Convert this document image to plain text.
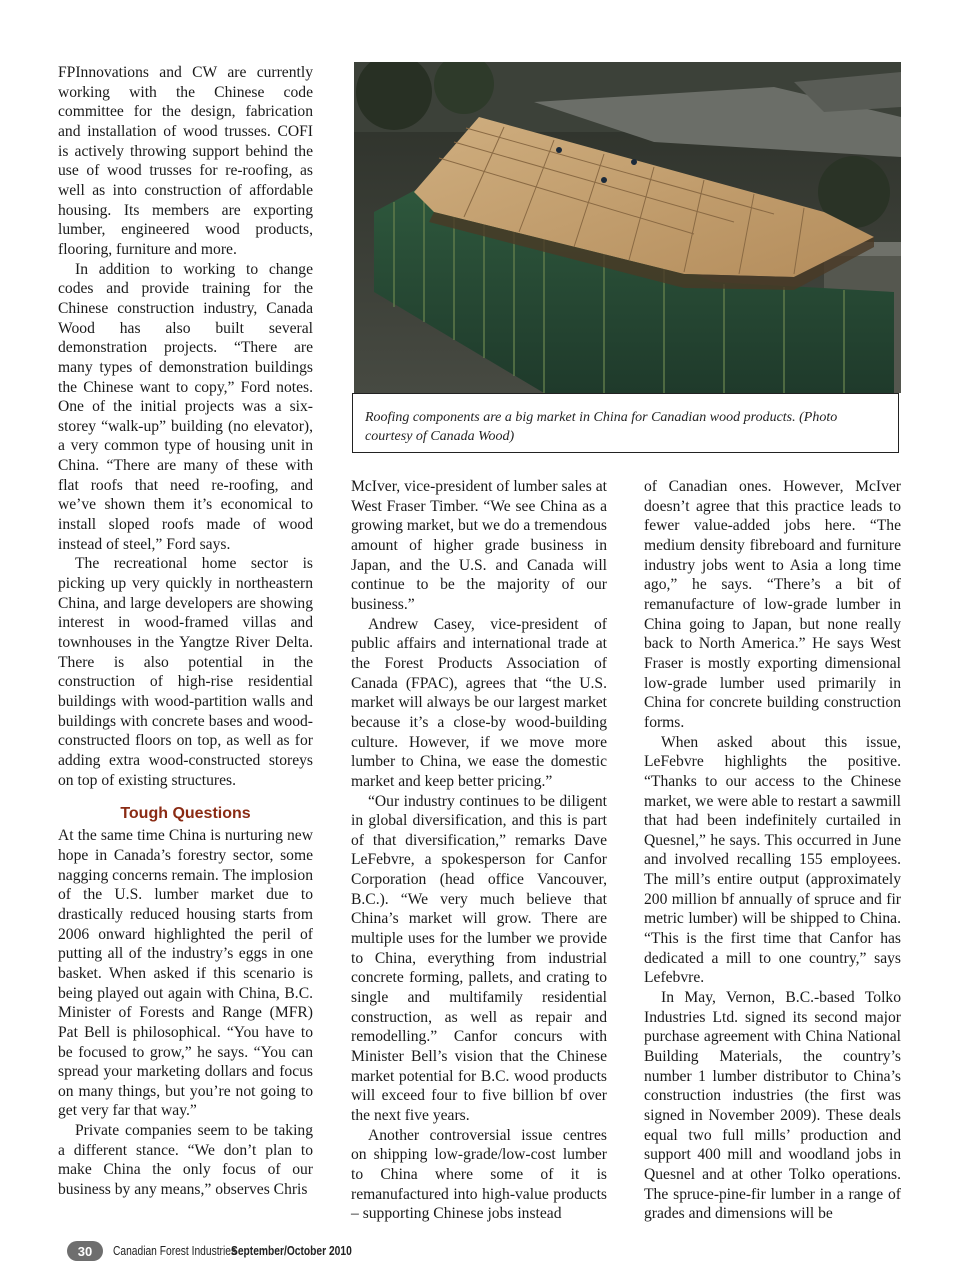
FPInnovations and CW are currently working with the Chinese code committee for the design, fabrication and installation of wood trusses. COFI is actively throwing support behind the use of wood trusses for re-roofing, as well as into construction of affordable housing. Its members are exporting lumber, engineered wood products, flooring, furniture and more.

In addition to working to change codes and provide training for the Chinese construction industry, Canada Wood has also built several demonstration projects. “There are many types of demonstration buildings the Chinese want to copy,” Ford notes. One of the initial projects was a six-storey “walk-up” building (no elevator), a very common type of housing unit in China. “There are many of these with flat roofs that need re-roofing, and we’ve shown them it’s economical to install sloped roofs made of wood instead of steel,” Ford says.

The recreational home sector is picking up very quickly in northeastern China, and large developers are showing interest in wood-framed villas and townhouses in the Yangtze River Delta. There is also potential in the construction of high-rise residential buildings with wood-partition walls and buildings with concrete bases and wood-constructed floors on top, as well as for adding extra wood-constructed storeys on top of existing structures.

Tough Questions

At the same time China is nurturing new hope in Canada’s forestry sector, some nagging concerns remain. The implosion of the U.S. lumber market due to drastically reduced housing starts from 2006 onward highlighted the peril of putting all of the industry’s eggs in one basket. When asked if this scenario is being played out again with China, B.C. Minister of Forests and Range (MFR) Pat Bell is philosophical. “You have to be focused to grow,” he says. “You can spread your marketing dollars and focus on many things, but you’re not going to get very far that way.”

Private companies seem to be taking a different stance. “We don’t plan to make China the only focus of our business by any means,” observes Chris

Roofing components are a big market in China for Canadian wood products. (Photo courtesy of Canada Wood)

McIver, vice-president of lumber sales at West Fraser Timber. “We see China as a growing market, but we do a tremendous amount of higher grade business in Japan, and the U.S. and Canada will continue to be the majority of our business.”

Andrew Casey, vice-president of public affairs and international trade at the Forest Products Association of Canada (FPAC), agrees that “the U.S. market will always be our largest market because it’s a close-by wood-building culture. However, if we move more lumber to China, we ease the domestic market and keep better pricing.”

“Our industry continues to be diligent in global diversification, and this is part of that diversification,” remarks Dave LeFebvre, a spokesperson for Canfor Corporation (head office Vancouver, B.C.). “We very much believe that China’s market will grow. There are multiple uses for the lumber we provide to China, everything from industrial concrete forming, pallets, and crating to single and multifamily residential construction, as well as repair and remodelling.” Canfor concurs with Minister Bell’s vision that the Chinese market potential for B.C. wood products will exceed four to five billion bf over the next five years.

Another controversial issue centres on shipping low-grade/low-cost lumber to China where some of it is remanufactured into high-value products – supporting Chinese jobs instead

of Canadian ones. However, McIver doesn’t agree that this practice leads to fewer value-added jobs here. “The medium density fibreboard and furniture industry jobs went to Asia a long time ago,” he says. “There’s a bit of remanufacture of low-grade lumber in China going to Japan, but none really back to North America.” He says West Fraser is mostly exporting dimensional low-grade lumber used primarily in China for concrete building construction forms.

When asked about this issue, LeFebvre highlights the positive. “Thanks to our access to the Chinese market, we were able to restart a sawmill that had been indefinitely curtailed in Quesnel,” he says. This occurred in June and involved recalling 155 employees. The mill’s entire output (approximately 200 million bf annually of spruce and fir metric lumber) will be shipped to China. “This is the first time that Canfor has dedicated a mill to one country,” says Lefebvre.

In May, Vernon, B.C.-based Tolko Industries Ltd. signed its second major purchase agreement with China National Building Materials, the country’s number 1 lumber distributor to China’s construction industries (the first was signed in November 2009). These deals equal two full mills’ production and support 400 mill and woodland jobs in Quesnel and at other Tolko operations. The spruce-pine-fir lumber in a range of grades and dimensions will be

30	Canadian Forest Industries
September/October 2010
